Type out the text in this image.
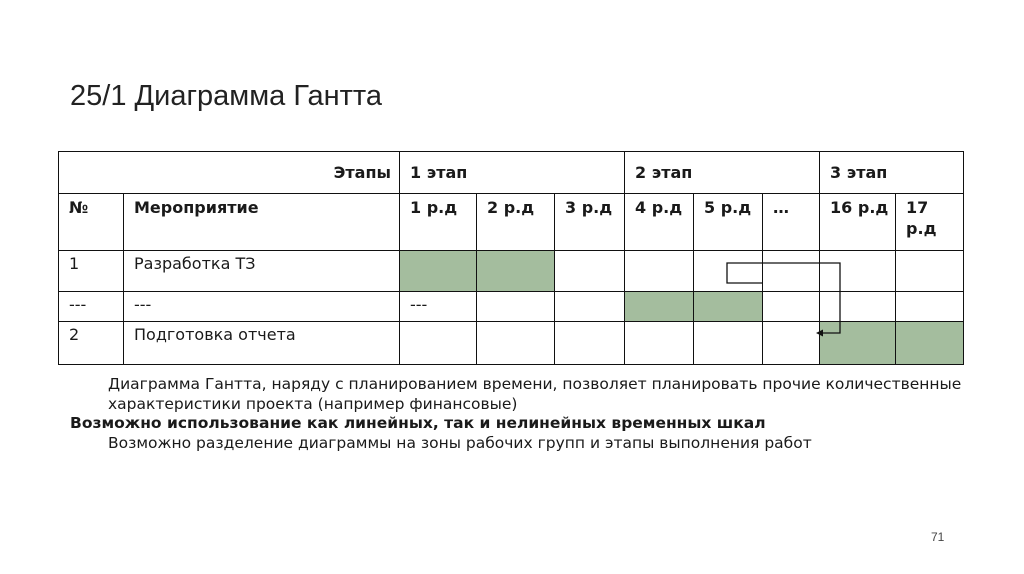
25/1 Диаграмма Гантта
Этапы		1 этап			2 этап			3 этап	
№	Мероприятие	1 р.д	2 р.д	3 р.д	4 р.д	5 р.д	…	16 р.д	17 р.д
1	Разработка ТЗ								
---	---	---							
2	Подготовка отчета								
Диаграмма Гантта, наряду с планированием времени, позволяет планировать прочие количественные характеристики проекта (например финансовые)
Возможно использование как линейных, так и нелинейных временных шкал
Возможно разделение диаграммы на зоны рабочих групп и этапы выполнения работ
71
